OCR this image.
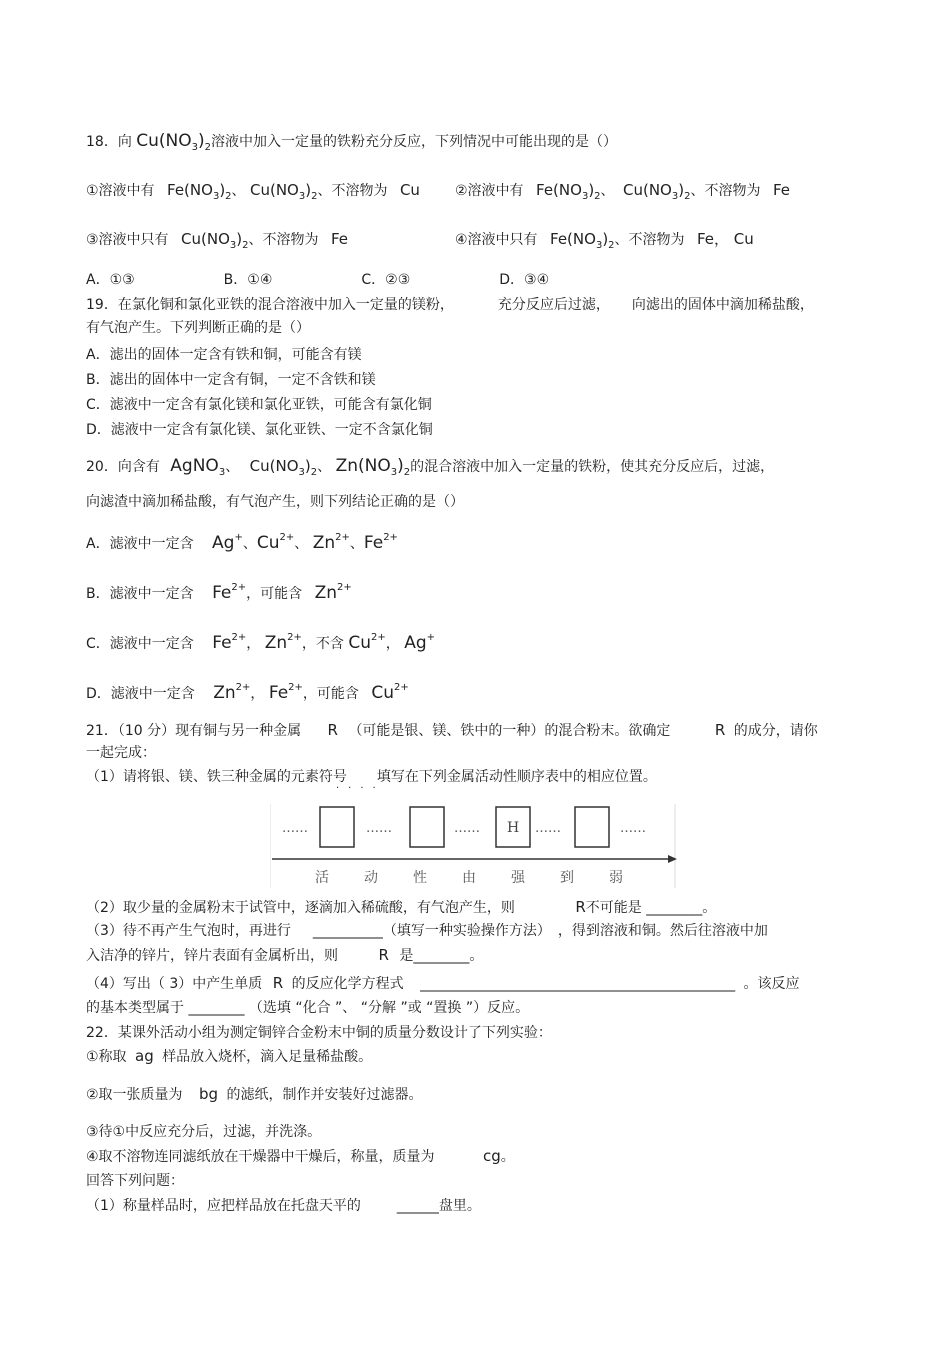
18．向 $Cu(NO_3)_2$溶液中加入一定量的铁粉充分反应，下列情况中可能出现的是（）
①溶液中有 $Fe(NO_3)_2$、 $Cu(NO_3)_2$、不溶物为 Cu	②溶液中有 $Fe(NO_3)_2$、 $Cu(NO_3)_2$、不溶物为 Fe
③溶液中只有 $Cu(NO_3)_2$、不溶物为 Fe	④溶液中只有 $Fe(NO_3)_2$、不溶物为 Fe， Cu
A．①③                    B．①④                    C．②③                    D．③④
19．在氯化铜和氯化亚铁的混合溶液中加入一定量的镁粉，	充分反应后过滤， 向滤出的固体中滴加稀盐酸，
有气泡产生。下列判断正确的是（）
A．滤出的固体一定含有铁和铜，可能含有镁
B．滤出的固体中一定含有铜，一定不含铁和镁
C．滤液中一定含有氯化镁和氯化亚铁，可能含有氯化铜
D．滤液中一定含有氯化镁、氯化亚铁、一定不含氯化铜
20．向含有 AgNO$_3$、 $Cu(NO_3)_2$、 $Zn(NO_3)_2$的混合溶液中加入一定量的铁粉，使其充分反应后，过滤，
向滤渣中滴加稀盐酸，有气泡产生，则下列结论正确的是（）
A．滤液中一定含 Ag+、$Cu^{2+}$、 $Zn^{2+}$、$Fe^{2+}$
B．滤液中一定含 $Fe^{2+}$，可能含 $Zn^{2+}$
C．滤液中一定含 $Fe^{2+}$， $Zn^{2+}$，不含 $Cu^{2+}$， Ag+
D．滤液中一定含 $Zn^{2+}$， $Fe^{2+}$，可能含 $Cu^{2+}$
21．（10 分）现有铜与另一种金属 R （可能是银、镁、铁中的一种）的混合粉末。欲确定	R 的成分，请你
一起完成：
（1）请将银、镁、铁三种金属的元素符号 填写在下列金属活动性顺序表中的相应位置。
····
……	……	…… H ……	……
活	动	性	由	强	到	弱
（2）取少量的金属粉末于试管中，逐滴加入稀硫酸，有气泡产生，则	R不可能是 ________。
（3）待不再产生气泡时，再进行 __________（填写一种实验操作方法） ，得到溶液和铜。然后往溶液中加
入洁净的锌片，锌片表面有金属析出，则	R 是________。
（4）写出（ 3）中产生单质 R 的反应化学方程式 _____________________________________________ 。该反应
的基本类型属于 ________ （选填 “化合 ”、 “分解 ”或 “置换 ”）反应。
22．某课外活动小组为测定铜锌合金粉末中铜的质量分数设计了下列实验：
①称取 ag 样品放入烧杯，滴入足量稀盐酸。
②取一张质量为 bg 的滤纸，制作并安装好过滤器。
③待①中反应充分后，过滤，并洗涤。
④取不溶物连同滤纸放在干燥器中干燥后，称量，质量为	cg。
回答下列问题：
（1）称量样品时，应把样品放在托盘天平的	______盘里。
